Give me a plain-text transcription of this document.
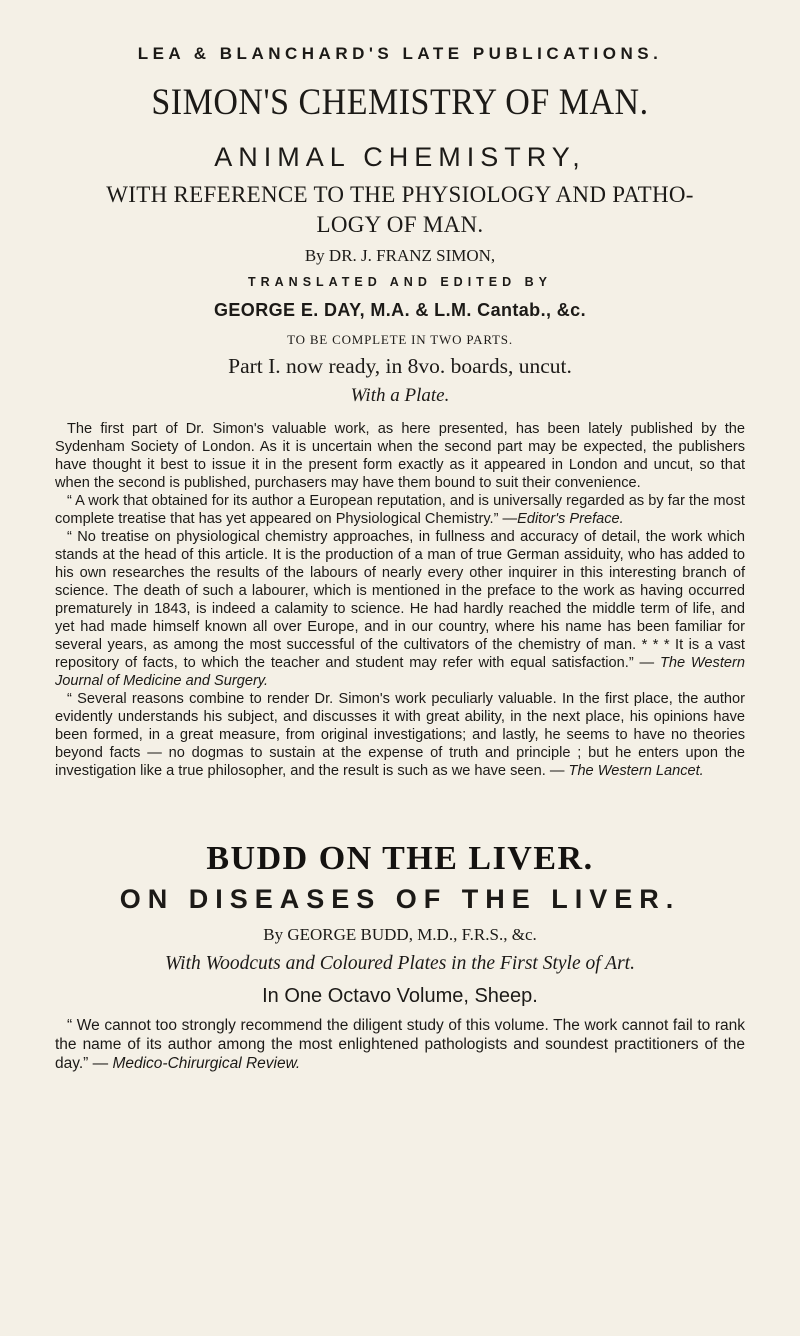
LEA & BLANCHARD'S LATE PUBLICATIONS.
SIMON'S CHEMISTRY OF MAN.
ANIMAL CHEMISTRY,
WITH REFERENCE TO THE PHYSIOLOGY AND PATHO-
LOGY OF MAN.
By DR. J. FRANZ SIMON,
TRANSLATED AND EDITED BY
GEORGE E. DAY, M.A. & L.M. Cantab., &c.
TO BE COMPLETE IN TWO PARTS.
Part I. now ready, in 8vo. boards, uncut.
With a Plate.

The first part of Dr. Simon's valuable work, as here presented, has been lately published by the Sydenham Society of London. As it is uncertain when the second part may be expected, the publishers have thought it best to issue it in the present form exactly as it appeared in London and uncut, so that when the second is published, purchasers may have them bound to suit their convenience.

“ A work that obtained for its author a European reputation, and is universally regarded as by far the most complete treatise that has yet appeared on Physiological Chemistry.” —Editor's Preface.

“ No treatise on physiological chemistry approaches, in fullness and accuracy of detail, the work which stands at the head of this article. It is the production of a man of true German assiduity, who has added to his own researches the results of the labours of nearly every other inquirer in this interesting branch of science. The death of such a labourer, which is mentioned in the preface to the work as having occurred prematurely in 1843, is indeed a calamity to science. He had hardly reached the middle term of life, and yet had made himself known all over Europe, and in our country, where his name has been familiar for several years, as among the most successful of the cultivators of the chemistry of man. * * * It is a vast repository of facts, to which the teacher and student may refer with equal satisfaction.” — The Western Journal of Medicine and Surgery.

“ Several reasons combine to render Dr. Simon's work peculiarly valuable. In the first place, the author evidently understands his subject, and discusses it with great ability, in the next place, his opinions have been formed, in a great measure, from original investigations; and lastly, he seems to have no theories beyond facts — no dogmas to sustain at the expense of truth and principle ; but he enters upon the investigation like a true philosopher, and the result is such as we have seen. — The Western Lancet.

BUDD ON THE LIVER.
ON DISEASES OF THE LIVER.
By GEORGE BUDD, M.D., F.R.S., &c.
With Woodcuts and Coloured Plates in the First Style of Art.
In One Octavo Volume, Sheep.

“ We cannot too strongly recommend the diligent study of this volume. The work cannot fail to rank the name of its author among the most enlightened pathologists and soundest practitioners of the day.” — Medico-Chirurgical Review.
